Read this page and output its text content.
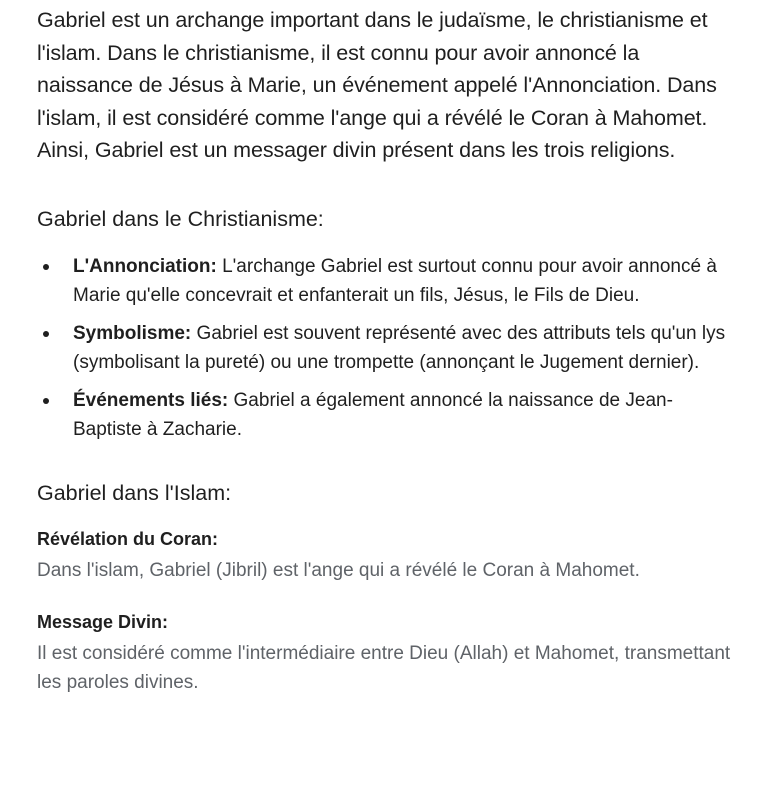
Gabriel est un archange important dans le judaïsme, le christianisme et l'islam. Dans le christianisme, il est connu pour avoir annoncé la naissance de Jésus à Marie, un événement appelé l'Annonciation. Dans l'islam, il est considéré comme l'ange qui a révélé le Coran à Mahomet. Ainsi, Gabriel est un messager divin présent dans les trois religions.

Gabriel dans le Christianisme:
L'Annonciation: L'archange Gabriel est surtout connu pour avoir annoncé à Marie qu'elle concevrait et enfanterait un fils, Jésus, le Fils de Dieu.
Symbolisme: Gabriel est souvent représenté avec des attributs tels qu'un lys (symbolisant la pureté) ou une trompette (annonçant le Jugement dernier).
Événements liés: Gabriel a également annoncé la naissance de Jean-Baptiste à Zacharie.
Gabriel dans l'Islam:
Révélation du Coran:

Dans l'islam, Gabriel (Jibril) est l'ange qui a révélé le Coran à Mahomet.

Message Divin:

Il est considéré comme l'intermédiaire entre Dieu (Allah) et Mahomet, transmettant les paroles divines.
